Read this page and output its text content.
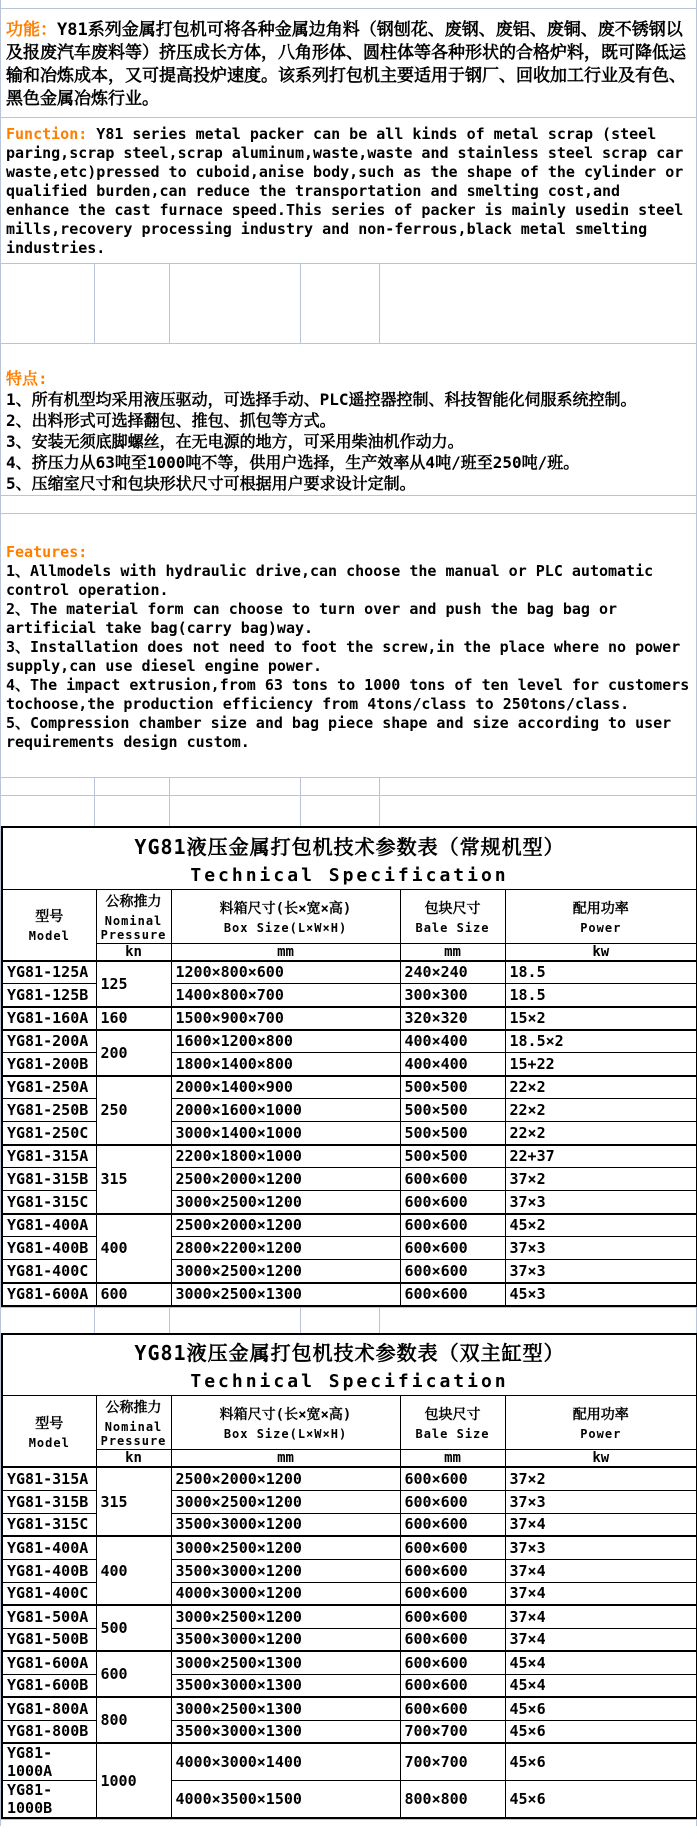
功能：Y81系列金属打包机可将各种金属边角料（钢刨花、废钢、废铝、废铜、废不锈钢以及报废汽车废料等）挤压成长方体，八角形体、圆柱体等各种形状的合格炉料，既可降低运输和冶炼成本，又可提高投炉速度。该系列打包机主要适用于钢厂、回收加工行业及有色、黑色金属冶炼行业。
Function: Y81 series metal packer can be all kinds of metal scrap (steel paring,scrap steel,scrap aluminum,waste,waste and stainless steel scrap car waste,etc)pressed to cuboid,anise body,such as the shape of the cylinder or qualified burden,can reduce the transportation and smelting cost,and enhance the cast furnace speed.This series of packer is mainly usedin steel mills,recovery processing industry and non-ferrous,black metal smelting industries.
特点:
1、所有机型均采用液压驱动，可选择手动、PLC遥控器控制、科技智能化伺服系统控制。
2、出料形式可选择翻包、推包、抓包等方式。
3、安装无须底脚螺丝，在无电源的地方，可采用柴油机作动力。
4、挤压力从63吨至1000吨不等，供用户选择，生产效率从4吨/班至250吨/班。
5、压缩室尺寸和包块形状尺寸可根据用户要求设计定制。
Features:
1、Allmodels with hydraulic drive,can choose the manual or PLC automatic control operation.
2、The material form can choose to turn over and push the bag bag or artificial take bag(carry bag)way.
3、Installation does not need to foot the screw,in the place where no power supply,can use diesel engine power.
4、The impact extrusion,from 63 tons to 1000 tons of ten level for customers tochoose,the production efficiency from 4tons/class to 250tons/class.
5、Compression chamber size and bag piece shape and size according to user requirements design custom.
YG81液压金属打包机技术参数表（常规机型）
Technical Specification				

型号
Model

公称推力
Nominal Pressure

料箱尺寸(长×宽×高)
Box Size(L×W×H)

包块尺寸
Bale Size

配用功率
Power

	kn	mm	mm	kw
YG81-125A	125	1200×800×600	240×240	18.5
YG81-125B		1400×800×700	300×300	18.5
YG81-160A	160	1500×900×700	320×320	15×2
YG81-200A	200	1600×1200×800	400×400	18.5×2
YG81-200B		1800×1400×800	400×400	15+22
YG81-250A	250	2000×1400×900	500×500	22×2
YG81-250B		2000×1600×1000	500×500	22×2
YG81-250C		3000×1400×1000	500×500	22×2
YG81-315A	315	2200×1800×1000	500×500	22+37
YG81-315B		2500×2000×1200	600×600	37×2
YG81-315C		3000×2500×1200	600×600	37×3
YG81-400A	400	2500×2000×1200	600×600	45×2
YG81-400B		2800×2200×1200	600×600	37×3
YG81-400C		3000×2500×1200	600×600	37×3
YG81-600A	600	3000×2500×1300	600×600	45×3
YG81液压金属打包机技术参数表（双主缸型）
Technical Specification				

型号
Model

公称推力
Nominal Pressure

料箱尺寸(长×宽×高)
Box Size(L×W×H)

包块尺寸
Bale Size

配用功率
Power

	kn	mm	mm	kw
YG81-315A	315	2500×2000×1200	600×600	37×2
YG81-315B		3000×2500×1200	600×600	37×3
YG81-315C		3500×3000×1200	600×600	37×4
YG81-400A	400	3000×2500×1200	600×600	37×3
YG81-400B		3500×3000×1200	600×600	37×4
YG81-400C		4000×3000×1200	600×600	37×4
YG81-500A	500	3000×2500×1200	600×600	37×4
YG81-500B		3500×3000×1200	600×600	37×4
YG81-600A	600	3000×2500×1300	600×600	45×4
YG81-600B		3500×3000×1300	600×600	45×4
YG81-800A	800	3000×2500×1300	600×600	45×6
YG81-800B		3500×3000×1300	700×700	45×6
YG81-1000A	1000	4000×3000×1400	700×700	45×6
YG81-1000B		4000×3500×1500	800×800	45×6
